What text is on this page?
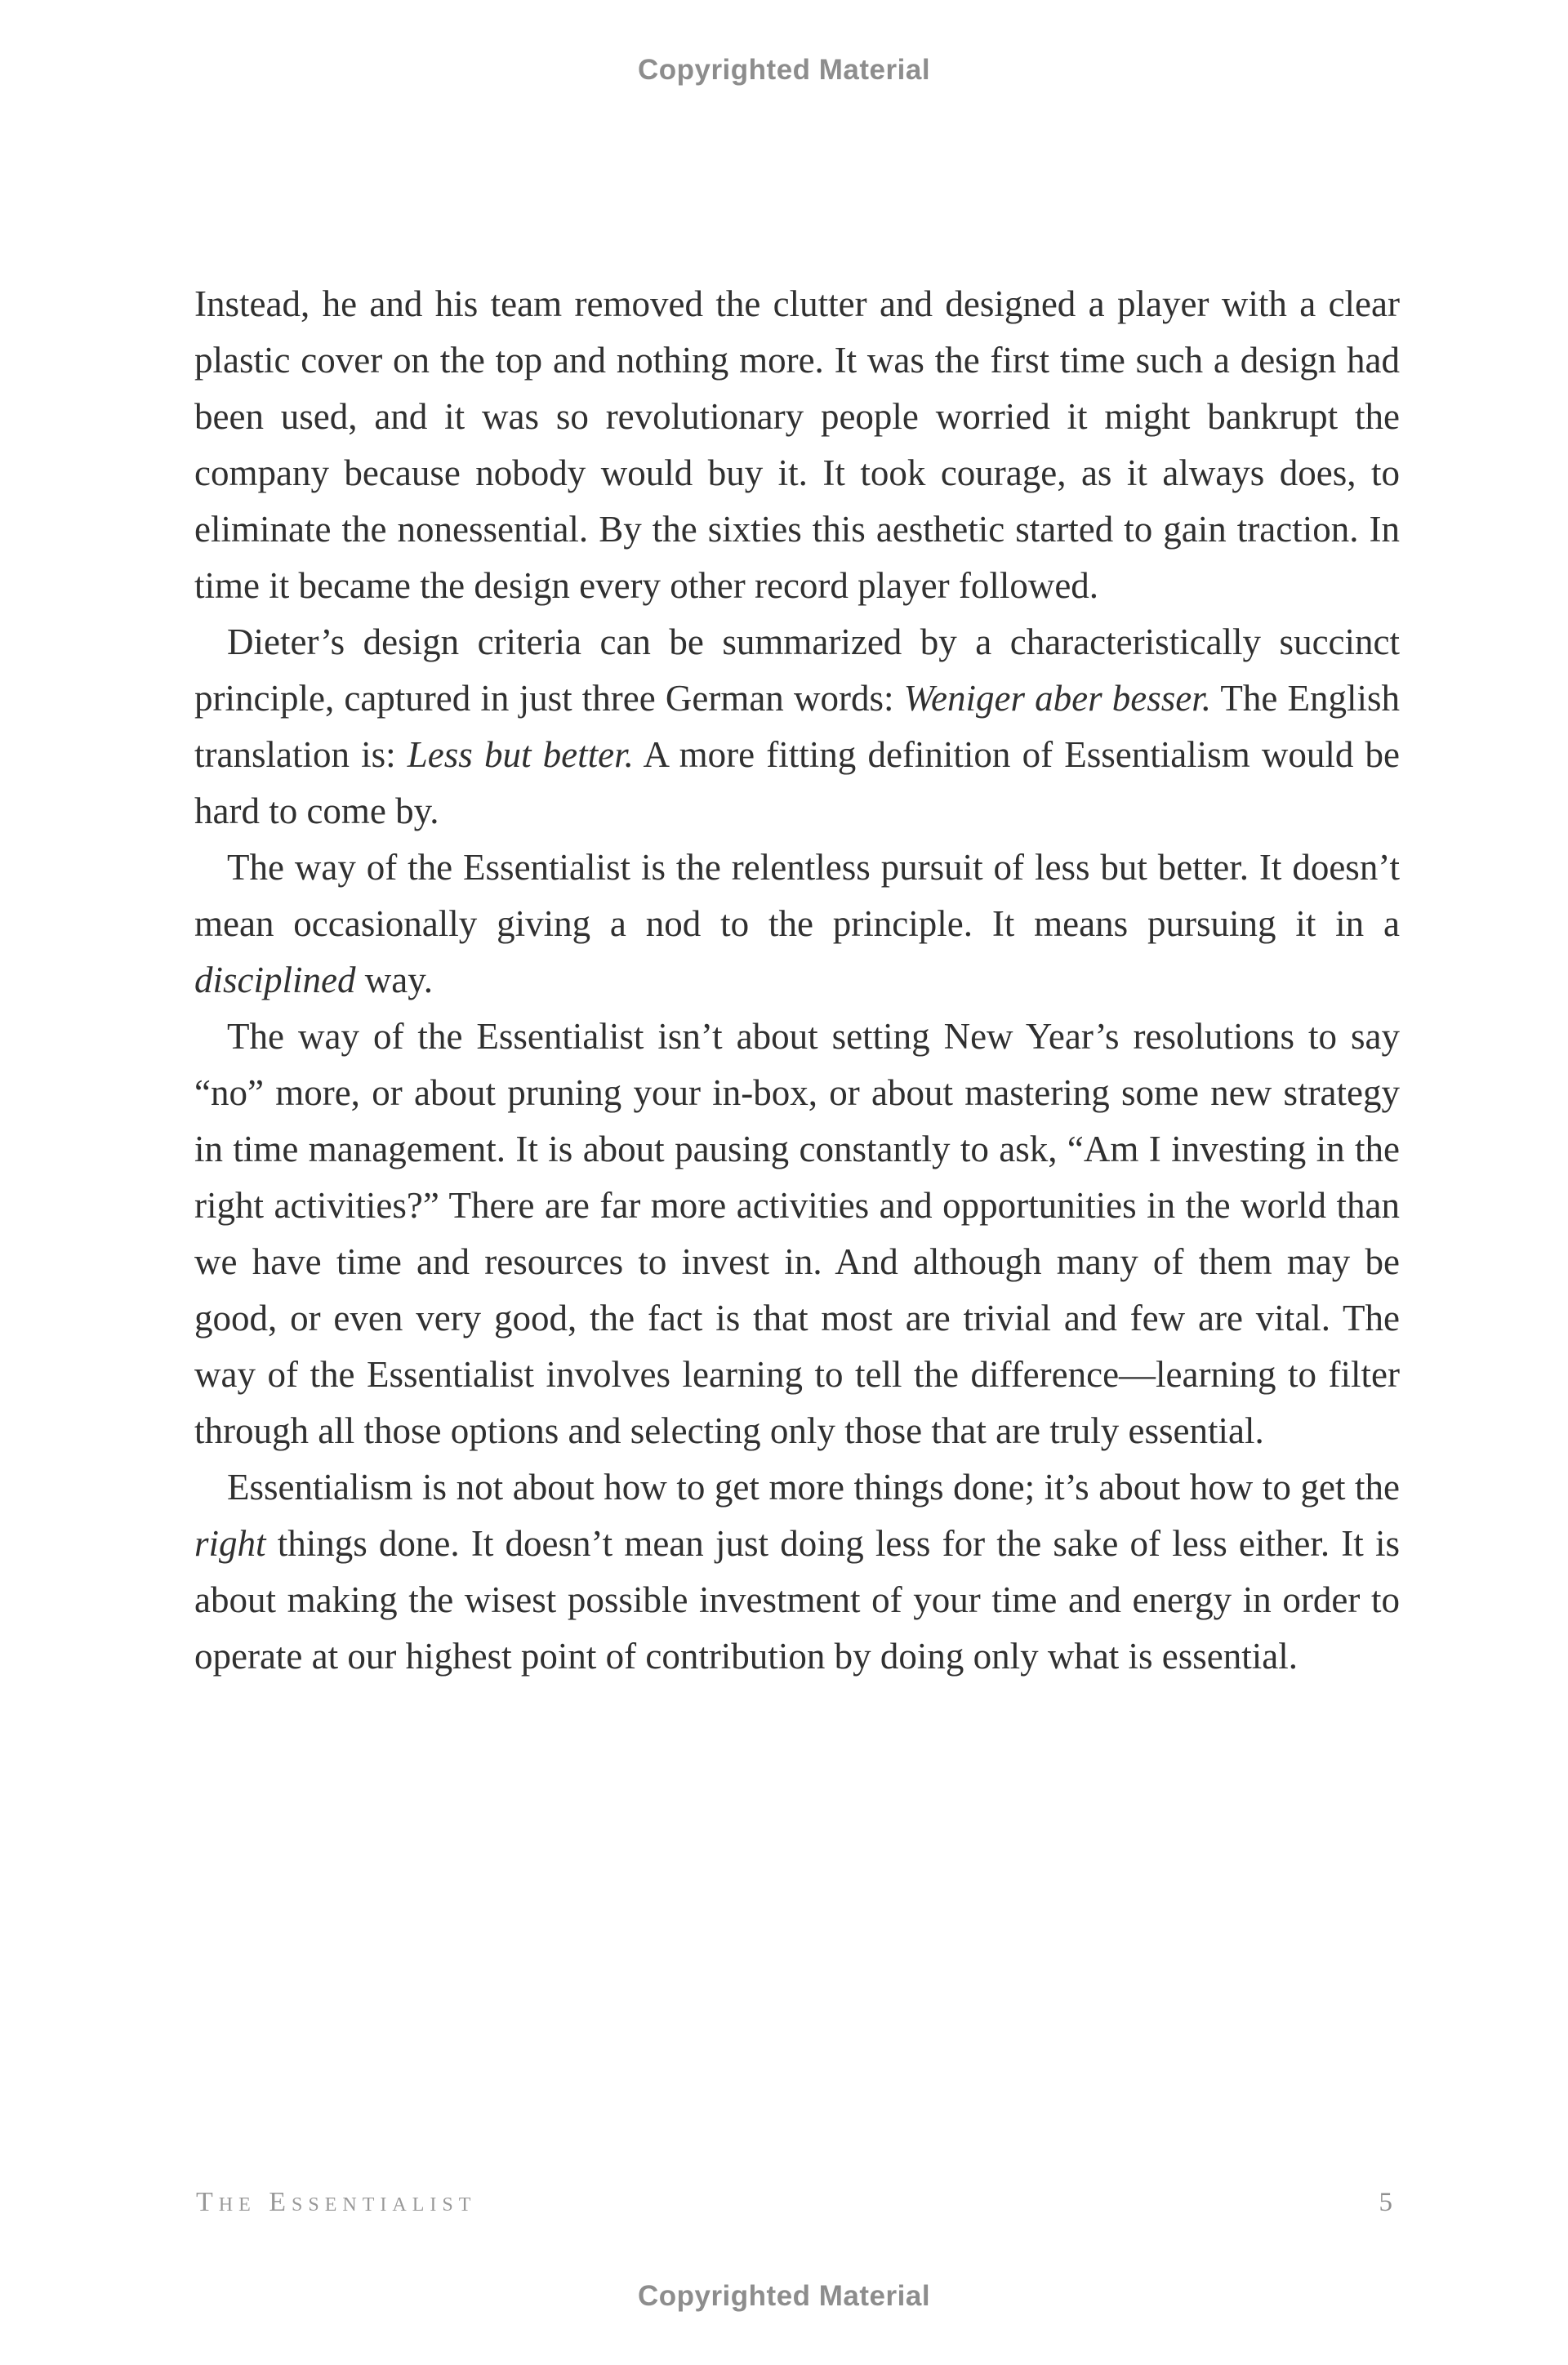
Copyrighted Material

Instead, he and his team removed the clutter and designed a player with a clear plastic cover on the top and nothing more. It was the first time such a design had been used, and it was so revolutionary people worried it might bankrupt the company because nobody would buy it. It took courage, as it always does, to eliminate the nonessential. By the sixties this aesthetic started to gain traction. In time it became the design every other record player followed.

Dieter’s design criteria can be summarized by a characteristically succinct principle, captured in just three German words: Weniger aber besser. The English translation is: Less but better. A more fitting definition of Essentialism would be hard to come by.

The way of the Essentialist is the relentless pursuit of less but better. It doesn’t mean occasionally giving a nod to the principle. It means pursuing it in a disciplined way.

The way of the Essentialist isn’t about setting New Year’s resolutions to say “no” more, or about pruning your in-box, or about mastering some new strategy in time management. It is about pausing constantly to ask, “Am I investing in the right activities?” There are far more activities and opportunities in the world than we have time and resources to invest in. And although many of them may be good, or even very good, the fact is that most are trivial and few are vital. The way of the Essentialist involves learning to tell the difference—learning to filter through all those options and selecting only those that are truly essential.

Essentialism is not about how to get more things done; it’s about how to get the right things done. It doesn’t mean just doing less for the sake of less either. It is about making the wisest possible investment of your time and energy in order to operate at our highest point of contribution by doing only what is essential.

The Essentialist	5
Copyrighted Material
